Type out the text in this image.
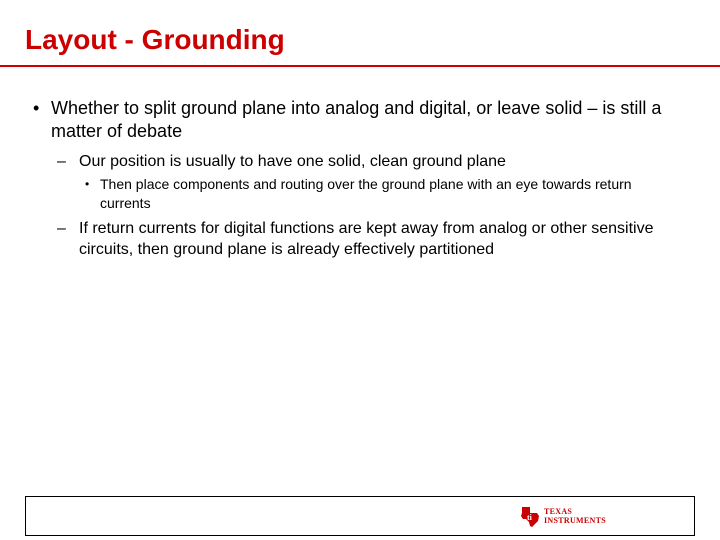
Layout - Grounding
• Whether to split ground plane into analog and digital, or leave solid – is still a matter of debate
– Our position is usually to have one solid, clean ground plane
• Then place components and routing over the ground plane with an eye towards return currents
– If return currents for digital functions are kept away from analog or other sensitive circuits, then ground plane is already effectively partitioned
ti
TEXAS
INSTRUMENTS
